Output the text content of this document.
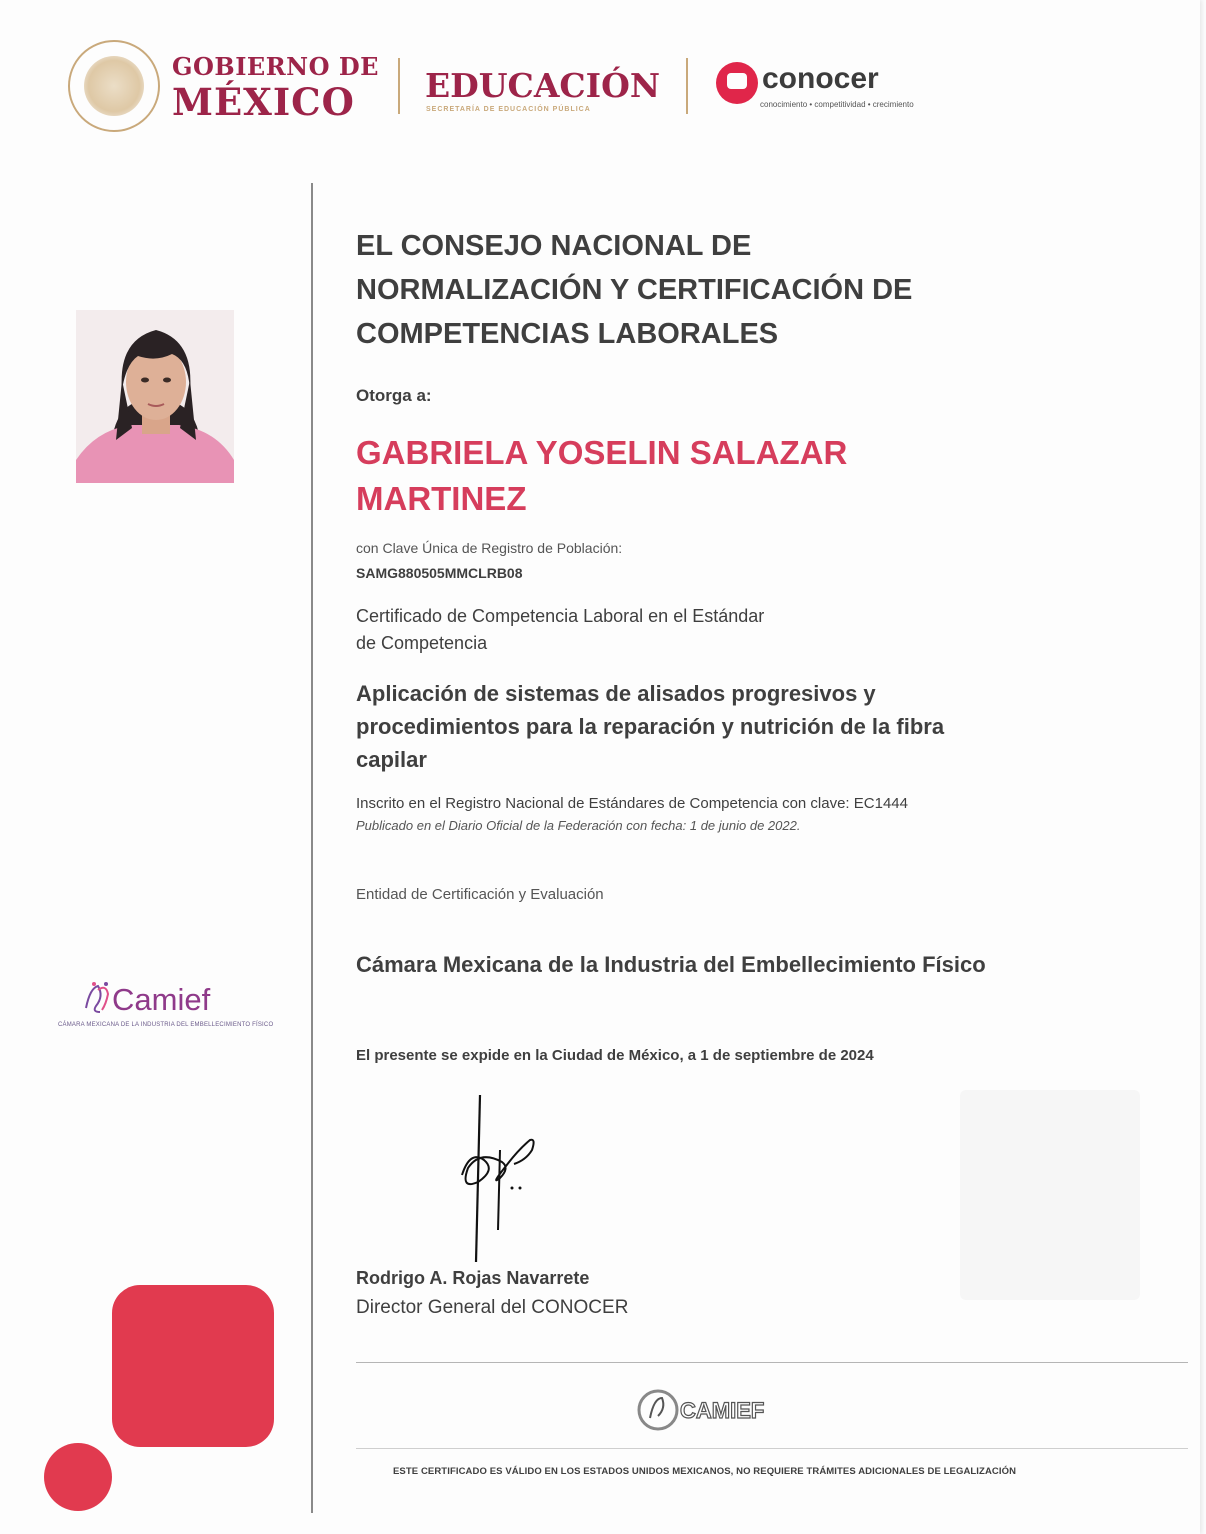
GOBIERNO DE
MÉXICO EDUCACIÓN
SECRETARÍA DE EDUCACIÓN PÚBLICA
conocer
conocimiento • competitividad • crecimiento
EL CONSEJO NACIONAL DE
NORMALIZACIÓN Y CERTIFICACIÓN DE
COMPETENCIAS LABORALES
Otorga a:
GABRIELA YOSELIN SALAZAR
MARTINEZ
con Clave Única de Registro de Población:
SAMG880505MMCLRB08
Certificado de Competencia Laboral en el Estándar
de Competencia
Aplicación de sistemas de alisados progresivos y
procedimientos para la reparación y nutrición de la fibra
capilar
Inscrito en el Registro Nacional de Estándares de Competencia con clave: EC1444
Publicado en el Diario Oficial de la Federación con fecha: 1 de junio de 2022.
Entidad de Certificación y Evaluación
Cámara Mexicana de la Industria del Embellecimiento Físico
El presente se expide en la Ciudad de México, a 1 de septiembre de 2024
Rodrigo A. Rojas Navarrete
Director General del CONOCER
Camief
CÁMARA MEXICANA DE LA INDUSTRIA DEL EMBELLECIMIENTO FÍSICO
CAMIEF
ESTE CERTIFICADO ES VÁLIDO EN LOS ESTADOS UNIDOS MEXICANOS, NO REQUIERE TRÁMITES ADICIONALES DE LEGALIZACIÓN
